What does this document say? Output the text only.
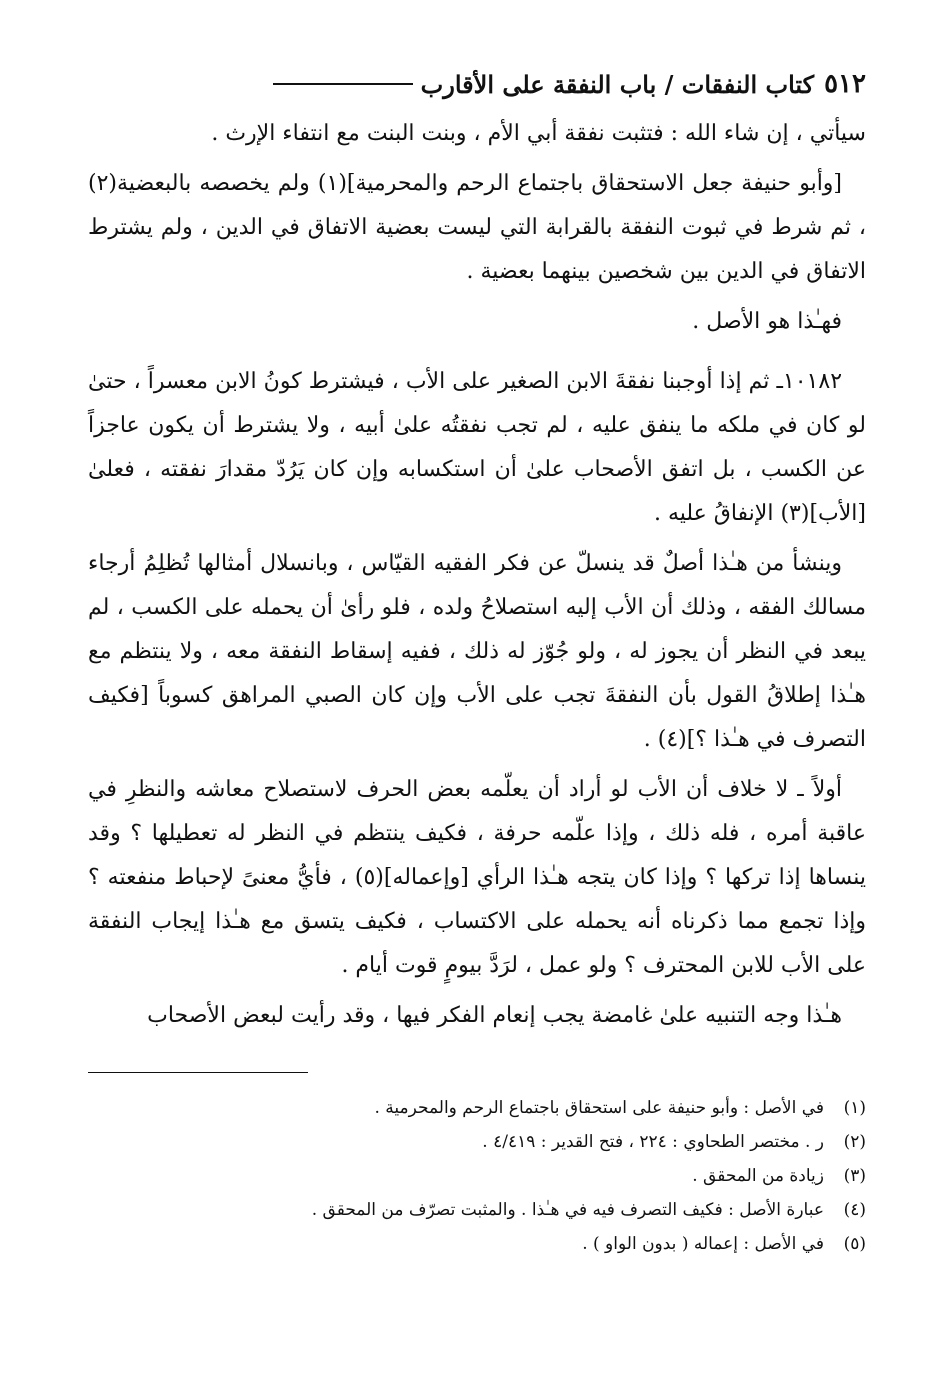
٥١٢
كتاب النفقات / باب النفقة على الأقارب

سيأتي ، إن شاء الله : فتثبت نفقة أبي الأم ، وبنت البنت مع انتفاء الإرث .

[وأبو حنيفة جعل الاستحقاق باجتماع الرحم والمحرمية](١) ولم يخصصه بالبعضية(٢) ، ثم شرط في ثبوت النفقة بالقرابة التي ليست بعضية الاتفاق في الدين ، ولم يشترط الاتفاق في الدين بين شخصين بينهما بعضية .

فهـٰذا هو الأصل .

١٠١٨٢ـ ثم إذا أوجبنا نفقةَ الابن الصغير على الأب ، فيشترط كونُ الابن معسراً ، حتىٰ لو كان في ملكه ما ينفق عليه ، لم تجب نفقتُه علىٰ أبيه ، ولا يشترط أن يكون عاجزاً عن الكسب ، بل اتفق الأصحاب علىٰ أن استكسابه وإن كان يَرُدّ مقدارَ نفقته ، فعلىٰ [الأب](٣) الإنفاقُ عليه .

وينشأ من هـٰذا أصلٌ قد ينسلّ عن فكر الفقيه القيّاس ، وبانسلال أمثالها تُظلِمُ أرجاء مسالك الفقه ، وذلك أن الأب إليه استصلاحُ ولده ، فلو رأىٰ أن يحمله على الكسب ، لم يبعد في النظر أن يجوز له ، ولو جُوّز له ذلك ، ففيه إسقاط النفقة معه ، ولا ينتظم مع هـٰذا إطلاقُ القول بأن النفقةَ تجب على الأب وإن كان الصبي المراهق كسوباً [فكيف التصرف في هـٰذا ؟](٤) .

أولاً ـ لا خلاف أن الأب لو أراد أن يعلّمه بعض الحرف لاستصلاح معاشه والنظرِ في عاقبة أمره ، فله ذلك ، وإذا علّمه حرفة ، فكيف ينتظم في النظر له تعطيلها ؟ وقد ينساها إذا تركها ؟ وإذا كان يتجه هـٰذا الرأي [وإعماله](٥) ، فأيُّ معنىً لإحباط منفعته ؟ وإذا تجمع مما ذكرناه أنه يحمله على الاكتساب ، فكيف يتسق مع هـٰذا إيجاب النفقة على الأب للابن المحترف ؟ ولو عمل ، لرَدَّ بيومٍ قوت أيام .

هـٰذا وجه التنبيه علىٰ غامضة يجب إنعام الفكر فيها ، وقد رأيت لبعض الأصحاب

(١)
في الأصل : وأبو حنيفة على استحقاق باجتماع الرحم والمحرمية .
(٢)
ر . مختصر الطحاوي : ٢٢٤ ، فتح القدير : ٤/٤١٩ .
(٣)
زيادة من المحقق .
(٤)
عبارة الأصل : فكيف التصرف فيه في هـٰذا . والمثبت تصرّف من المحقق .
(٥)
في الأصل : إعماله ( بدون الواو ) .
